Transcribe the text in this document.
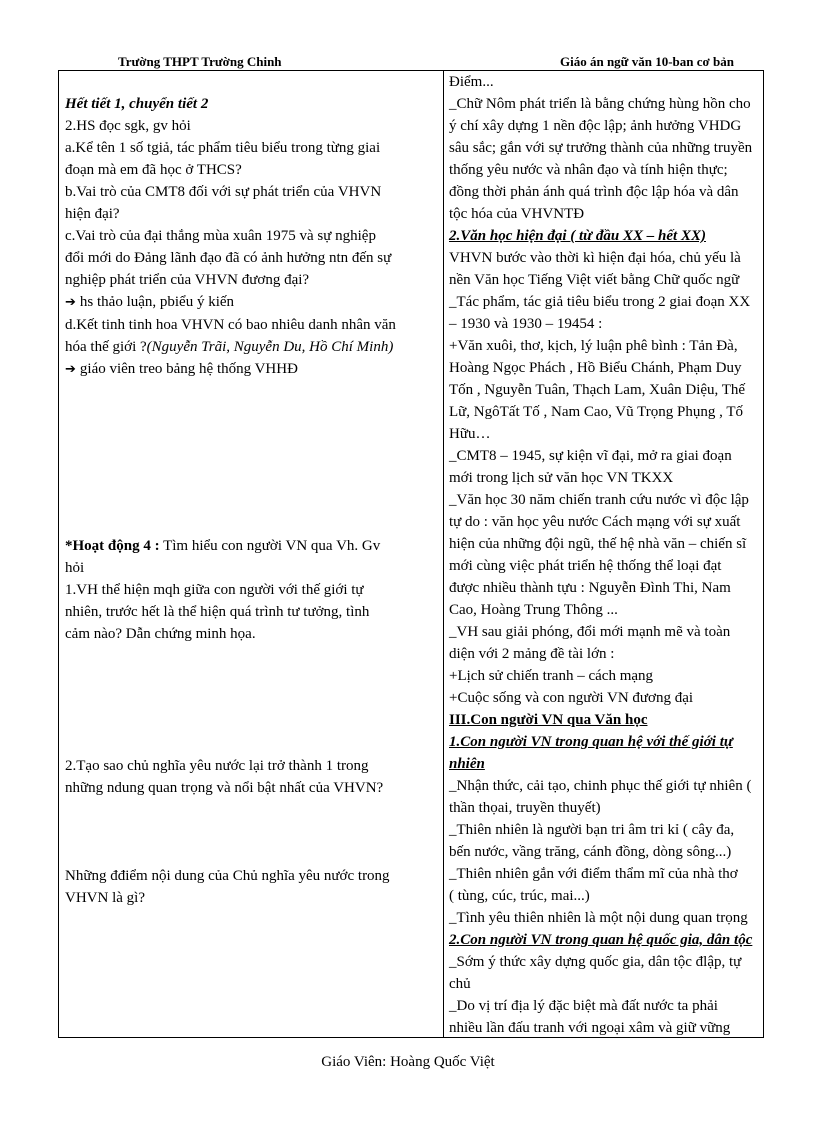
Trường THPT Trường Chinh	Giáo án ngữ văn 10-ban cơ bản

Hết tiết 1, chuyển tiết 2

2.HS đọc sgk, gv hỏi

a.Kể tên 1 số tgiả, tác phẩm tiêu biểu trong từng giai

đoạn mà em đã học ở THCS?

b.Vai trò của CMT8 đối với sự phát triển của VHVN

hiện đại?

c.Vai trò của đại thắng mùa xuân 1975 và sự nghiệp

đổi mới do Đảng lãnh đạo đã có ảnh hưởng ntn đến sự

nghiệp phát triển của VHVN đương đại?

➔ hs thảo luận, pbiểu ý kiến

d.Kết tinh tinh hoa VHVN có bao nhiêu danh nhân văn

hóa thế giới ?(Nguyễn Trãi, Nguyễn Du, Hồ Chí Minh)

➔ giáo viên treo bảng hệ thống VHHĐ

*Hoạt động 4 : Tìm hiểu con người VN qua Vh. Gv

hỏi

1.VH thể hiện mqh giữa con người với thế giới tự

nhiên, trước hết là thể hiện quá trình tư tưởng, tình

cảm nào? Dẫn chứng minh họa.

2.Tạo sao chủ nghĩa yêu nước lại trở thành 1 trong

những ndung quan trọng và nổi bật nhất của VHVN?

Những đđiểm nội dung của Chủ nghĩa yêu nước trong

VHVN là gì?

Điểm...

_Chữ Nôm phát triển là bằng chứng hùng hồn cho

ý chí xây dựng 1 nền độc lập; ảnh hưởng VHDG

sâu sắc; gắn với sự trưởng thành của những truyền

thống yêu nước và nhân đạo và tính hiện thực;

đồng thời phản ánh quá trình độc lập hóa và dân

tộc hóa của VHVNTĐ

2.Văn học hiện đại ( từ đầu XX – hết XX)

VHVN bước vào thời kì hiện đại hóa, chủ yếu là

nền Văn học Tiếng Việt viết bằng Chữ quốc ngữ

_Tác phẩm, tác giả tiêu biểu trong 2 giai đoạn XX

– 1930 và 1930 – 19454 :

+Văn xuôi, thơ, kịch, lý luận phê bình : Tản Đà,

Hoàng Ngọc Phách , Hồ Biểu Chánh, Phạm Duy

Tốn , Nguyễn Tuân, Thạch Lam, Xuân Diệu, Thế

Lữ, NgôTất Tố , Nam Cao, Vũ Trọng Phụng , Tố

Hữu…

_CMT8 – 1945, sự kiện vĩ đại, mở ra giai đoạn

mới trong lịch sử văn học VN TKXX

_Văn học 30 năm chiến tranh cứu nước vì độc lập

tự do : văn học yêu nước Cách mạng với sự xuất

hiện của những đội ngũ, thế hệ nhà văn – chiến sĩ

mới cùng việc phát triển hệ thống thể loại đạt

được nhiều thành tựu : Nguyễn Đình Thi, Nam

Cao, Hoàng Trung Thông ...

_VH sau giải phóng, đổi mới mạnh mẽ và toàn

diện với 2 mảng đề tài lớn :

+Lịch sử chiến tranh – cách mạng

+Cuộc sống và con người VN đương đại

III.Con người VN qua Văn học

1.Con người VN trong quan hệ với thế giới tự

nhiên

_Nhận thức, cải tạo, chinh phục thế giới tự nhiên (

thần thọai, truyền thuyết)

_Thiên nhiên là người bạn tri âm tri kỉ ( cây đa,

bến nước, vầng trăng, cánh đồng, dòng sông...)

_Thiên nhiên gắn với điểm thẩm mĩ của nhà thơ

( tùng, cúc, trúc, mai...)

_Tình yêu thiên nhiên là một nội dung quan trọng

2.Con người VN trong quan hệ quốc gia, dân tộc

_Sớm ý thức xây dựng quốc gia, dân tộc đlập, tự

chủ

_Do vị trí địa lý đặc biệt mà đất nước ta phải

nhiều lần đấu tranh với ngoại xâm và giữ vững

Giáo Viên: Hoàng Quốc Việt
